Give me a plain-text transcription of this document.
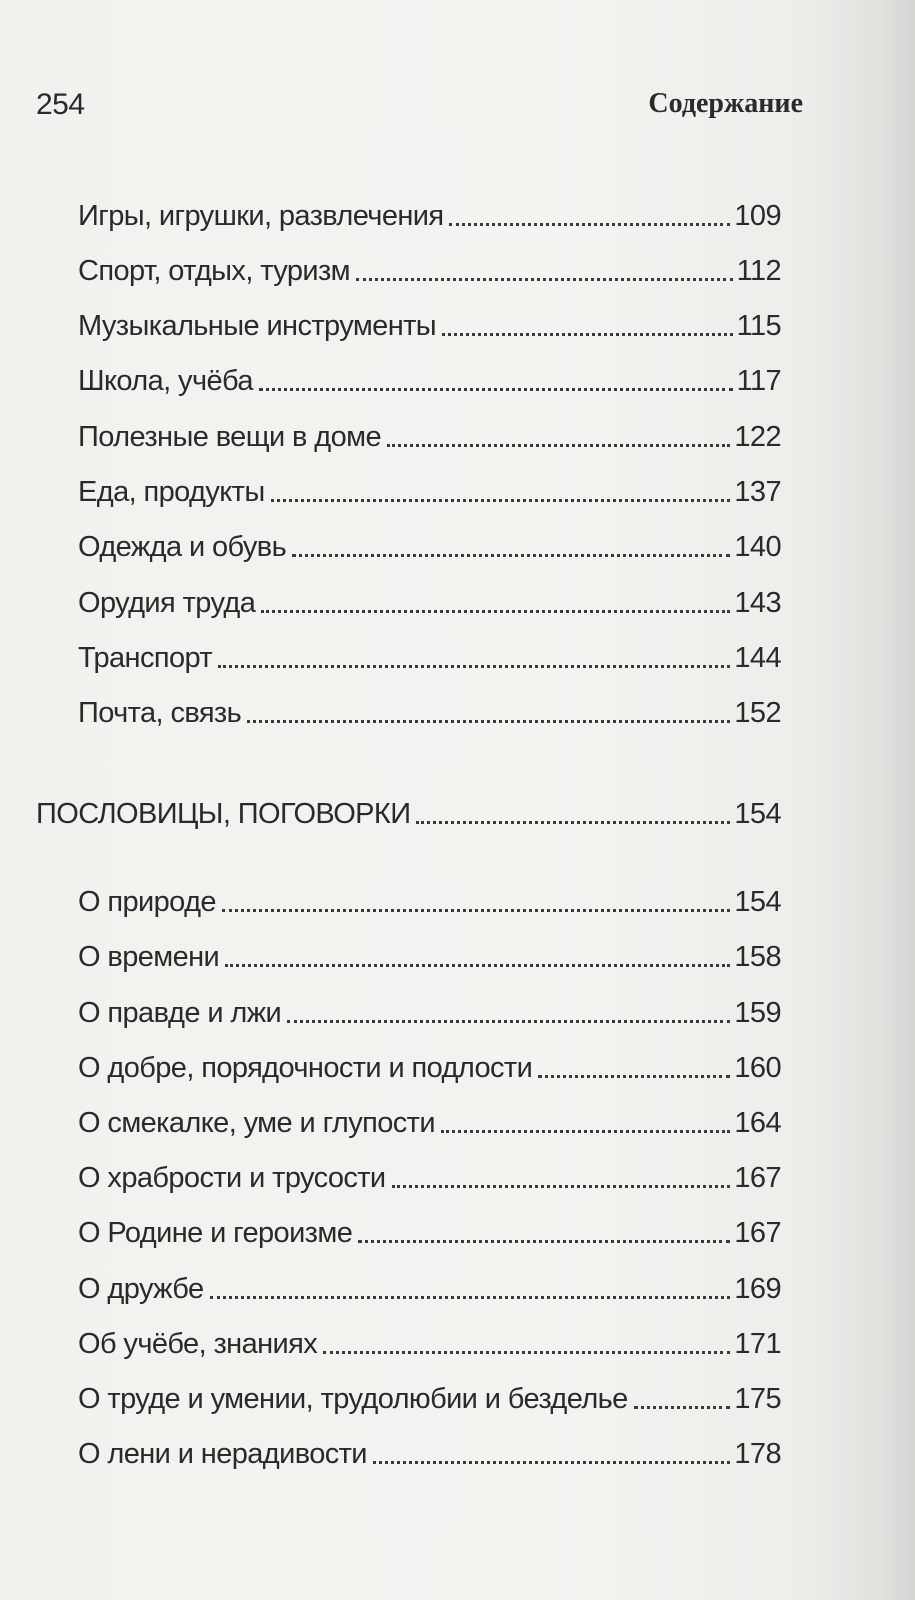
254	Содержание
Игры, игрушки, развлечения	109
Спорт, отдых, туризм	112
Музыкальные инструменты	115
Школа, учёба	117
Полезные вещи в доме	122
Еда, продукты	137
Одежда и обувь	140
Орудия труда	143
Транспорт	144
Почта, связь	152
ПОСЛОВИЦЫ, ПОГОВОРКИ	154
О природе	154
О времени	158
О правде и лжи	159
О добре, порядочности и подлости	160
О смекалке, уме и глупости	164
О храбрости и трусости	167
О Родине и героизме	167
О дружбе	169
Об учёбе, знаниях	171
О труде и умении, трудолюбии и безделье	175
О лени и нерадивости	178
